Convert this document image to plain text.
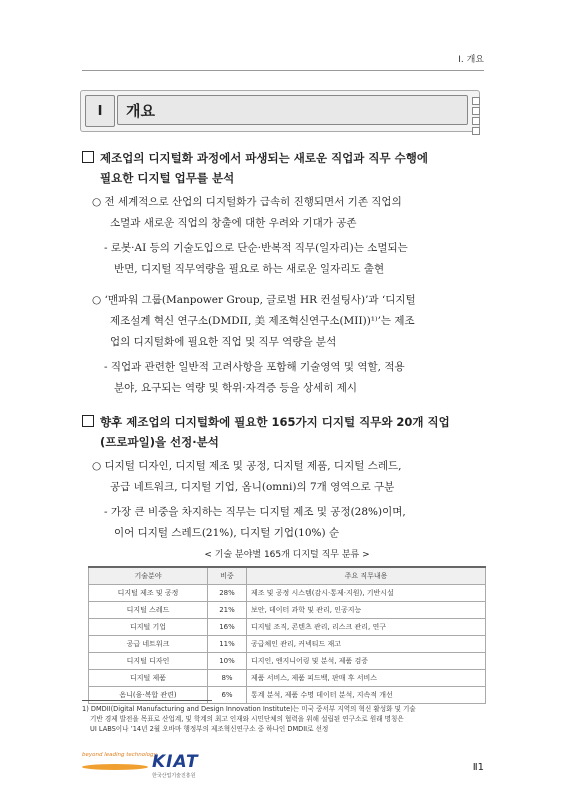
Ⅰ. 개요
Ⅰ	개요
제조업의 디지털화 과정에서 파생되는 새로운 직업과 직무 수행에
필요한 디지털 업무를 분석
○ 전 세계적으로 산업의 디지털화가 급속히 진행되면서 기존 직업의
소멸과 새로운 직업의 창출에 대한 우려와 기대가 공존
- 로봇·AI 등의 기술도입으로 단순·반복적 직무(일자리)는 소멸되는
반면, 디지털 직무역량을 필요로 하는 새로운 일자리도 출현
○ ‘맨파워 그룹(Manpower Group, 글로벌 HR 컨설팅사)’과 ‘디지털
제조설계 혁신 연구소(DMDII, 美 제조혁신연구소(MII))¹⁾’는 제조
업의 디지털화에 필요한 직업 및 직무 역량을 분석
- 직업과 관련한 일반적 고려사항을 포함해 기술영역 및 역할, 적용
분야, 요구되는 역량 및 학위·자격증 등을 상세히 제시
향후 제조업의 디지털화에 필요한 165가지 디지털 직무와 20개 직업
(프로파일)을 선정·분석
○ 디지털 디자인, 디지털 제조 및 공정, 디지털 제품, 디지털 스레드,
공급 네트워크, 디지털 기업, 옴니(omni)의 7개 영역으로 구분
- 가장 큰 비중을 차지하는 직무는 디지털 제조 및 공정(28%)이며,
이어 디지털 스레드(21%), 디지털 기업(10%) 순
< 기술 분야별 165개 디지털 직무 분류 >
기술분야	비중	주요 직무내용
디지털 제조 및 공정	28%	제조 및 공정 시스템(감시·통제·지원), 기반시설
디지털 스레드	21%	보안, 데이터 과학 및 관리, 인공지능
디지털 기업	16%	디지털 조직, 콘텐츠 관리, 리스크 관리, 연구
공급 네트워크	11%	공급체인 관리, 커넥티드 재고
디지털 디자인	10%	디지인, 엔지니어링 및 분석, 제품 검증
디지털 제품	8%	제품 서비스, 제품 피드백, 판매 후 서비스
옴니(융·복합 관련)	6%	통계 분석, 제품 수명 데이터 분석, 지속적 개선
1) DMDII(Digital Manufacturing and Design Innovation Institute)는 미국 중서부 지역의 혁신 활성화 및 기술
기반 경제 발전을 목표로 산업계, 및 학계의 최고 인재와 시민단체의 협력을 위해 설립된 연구소로 원래 명칭은
UI LABS이나 ’14년 2월 오바마 행정부의 제조혁신연구소 중 하나인 DMDII로 선정
beyond leading technology
KIAT
한국산업기술진흥원
Ⅱ1
